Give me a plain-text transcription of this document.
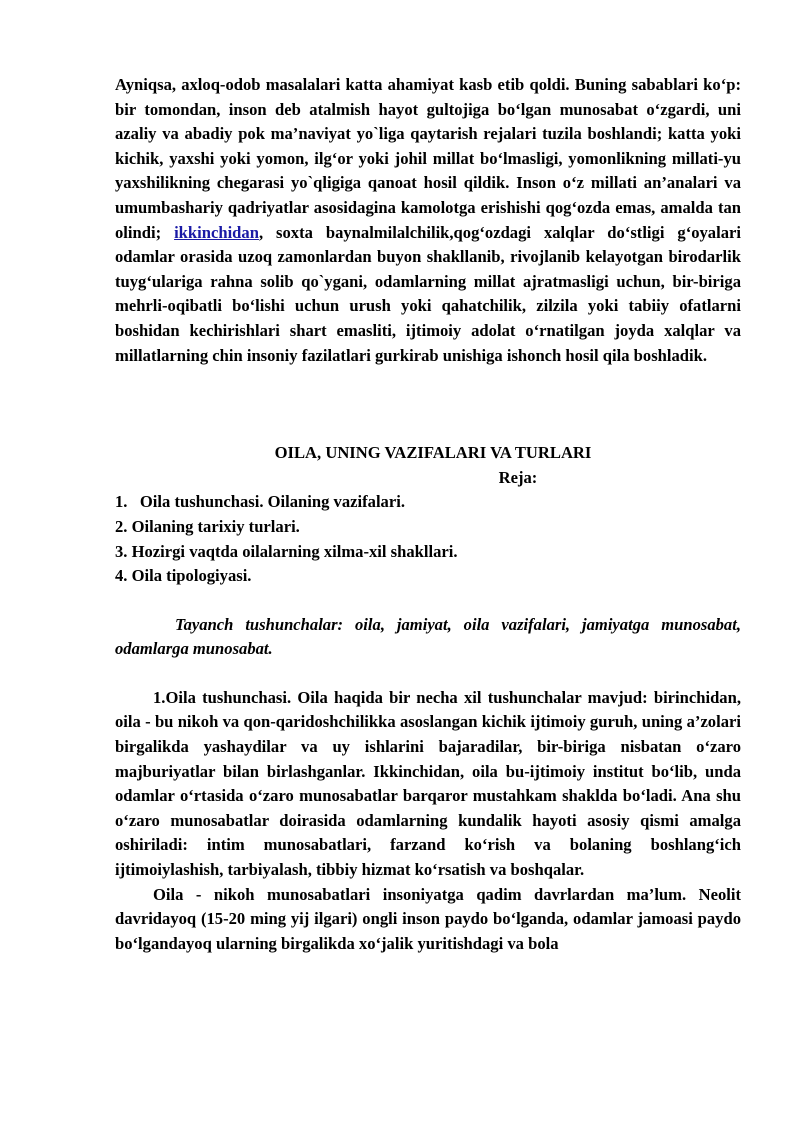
Ayniqsa, axloq-odob masalalari katta ahamiyat kasb etib qoldi. Buning sabablari ko‘p: bir tomondan, inson deb atalmish hayot gultojiga bo‘lgan munosabat o‘zgardi, uni azaliy va abadiy pok ma’naviyat yo`liga qaytarish rejalari tuzila boshlandi; katta yoki kichik, yaxshi yoki yomon, ilg‘or yoki johil millat bo‘lmasligi, yomonlikning millati-yu yaxshilikning chegarasi yo`qligiga qanoat hosil qildik. Inson o‘z millati an’analari va umumbashariy qadriyatlar asosidagina kamolotga erishishi qog‘ozda emas, amalda tan olindi; ikkinchidan, soxta baynalmilalchilik,qog‘ozdagi xalqlar do‘stligi g‘oyalari odamlar orasida uzoq zamonlardan buyon shakllanib, rivojlanib kelayotgan birodarlik tuyg‘ulariga rahna solib qo`ygani, odamlarning millat ajratmasligi uchun, bir-biriga mehrli-oqibatli bo‘lishi uchun urush yoki qahatchilik, zilzila yoki tabiiy ofatlarni boshidan kechirishlari shart emasliti, ijtimoiy adolat o‘rnatilgan joyda xalqlar va millatlarning chin insoniy fazilatlari gurkirab unishiga ishonch hosil qila boshladik.

OILA, UNING VAZIFALARI VA TURLARI

Reja:

1.   Oila tushunchasi. Oilaning vazifalari.

2. Oilaning tarixiy turlari.

3. Hozirgi vaqtda oilalarning xilma-xil shakllari.

4. Oila tipologiyasi.

Tayanch tushunchalar: oila, jamiyat, oila vazifalari, jamiyatga munosabat, odamlarga munosabat.

1.Oila tushunchasi. Oila haqida bir necha xil tushunchalar mavjud: birinchidan, oila - bu nikoh va qon-qaridoshchilikka asoslangan kichik ijtimoiy guruh, uning a’zolari birgalikda yashaydilar va uy ishlarini bajaradilar, bir-biriga nisbatan o‘zaro majburiyatlar bilan birlashganlar. Ikkinchidan, oila bu-ijtimoiy institut bo‘lib, unda odamlar o‘rtasida o‘zaro munosabatlar barqaror mustahkam shaklda bo‘ladi. Ana shu o‘zaro munosabatlar doirasida odamlarning kundalik hayoti asosiy qismi amalga oshiriladi: intim munosabatlari, farzand ko‘rish va bolaning boshlang‘ich ijtimoiylashish, tarbiyalash, tibbiy hizmat ko‘rsatish va boshqalar.

Oila - nikoh munosabatlari insoniyatga qadim davrlardan ma’lum. Neolit davridayoq (15-20 ming yij ilgari) ongli inson paydo bo‘lganda, odamlar jamoasi paydo bo‘lgandayoq ularning birgalikda xo‘jalik yuritishdagi va bola
